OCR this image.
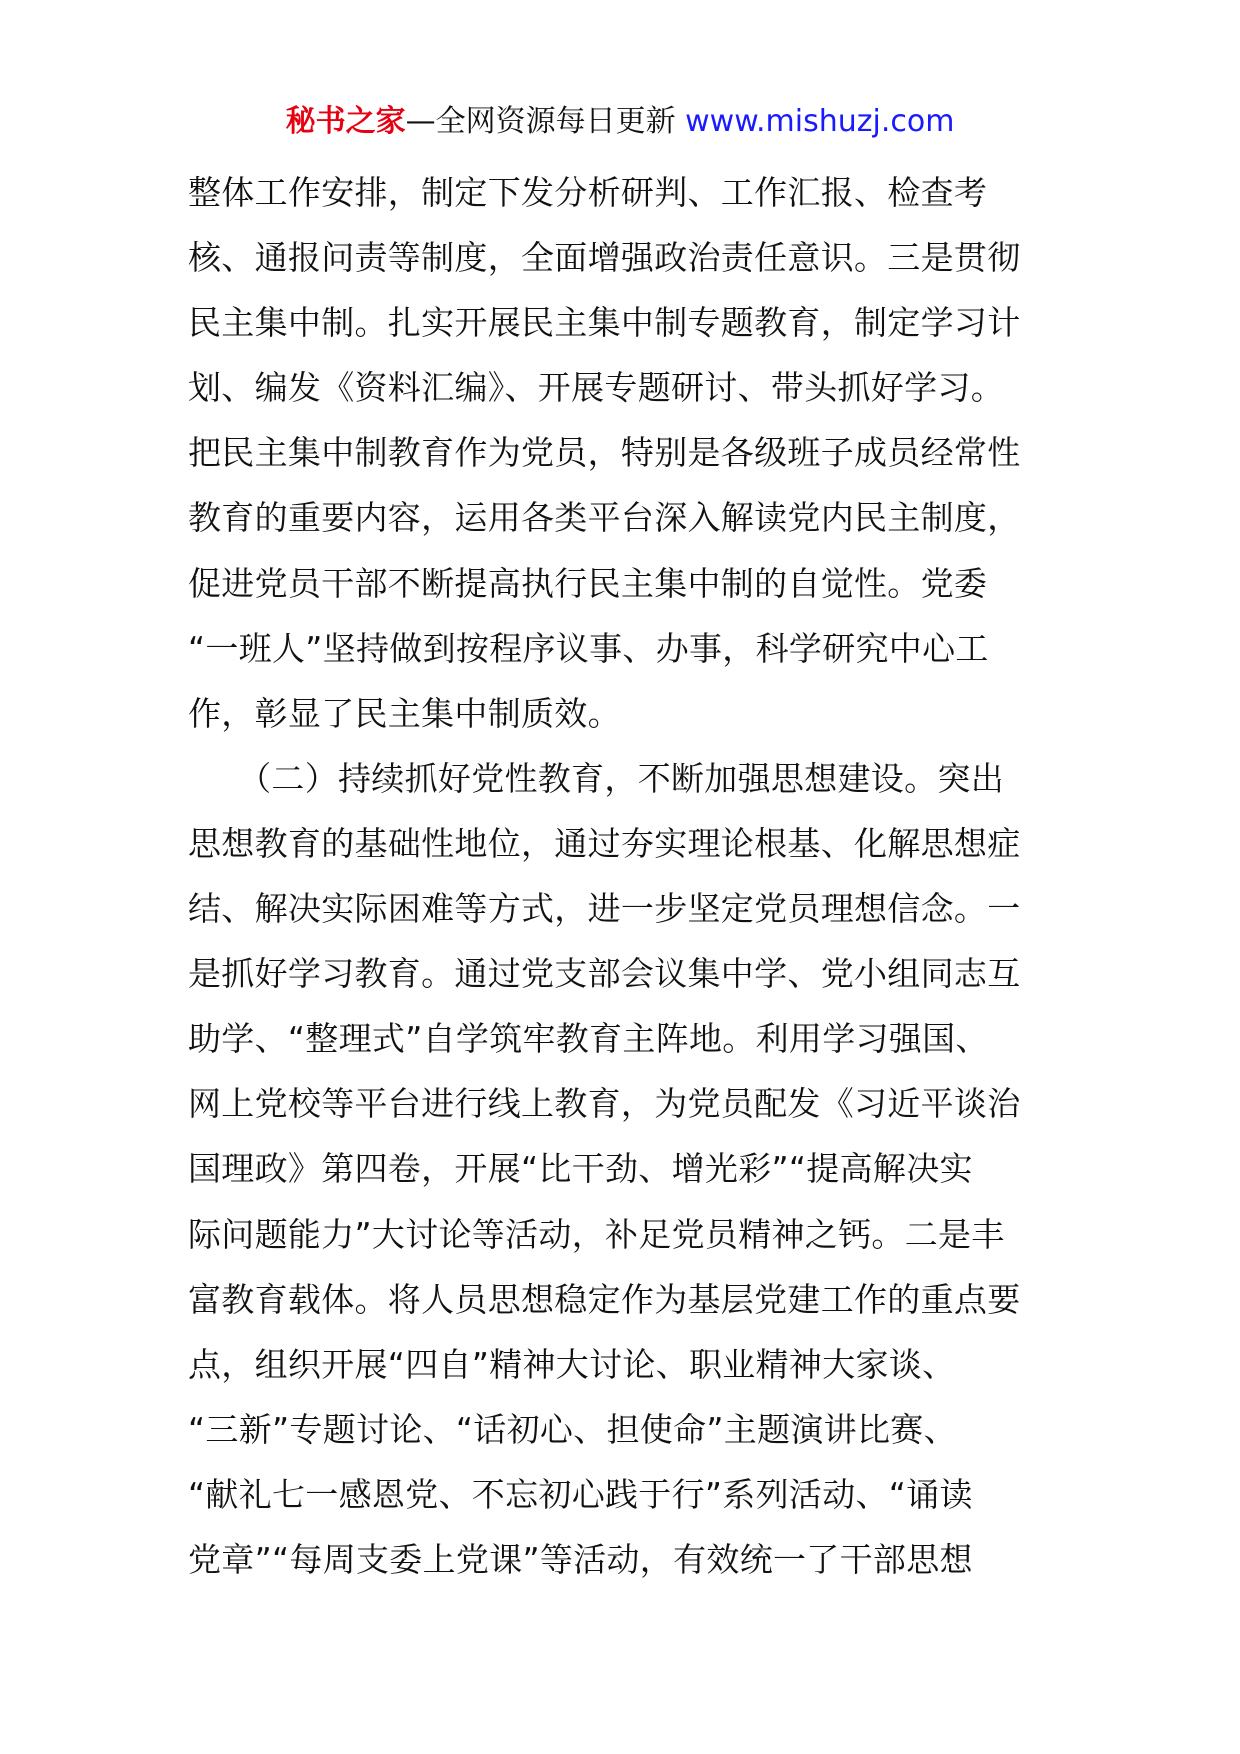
秘书之家—全网资源每日更新 www.mishuzj.com
整体工作安排，制定下发分析研判、工作汇报、检查考
核、通报问责等制度，全面增强政治责任意识。三是贯彻
民主集中制。扎实开展民主集中制专题教育，制定学习计
划、编发《资料汇编》、开展专题研讨、带头抓好学习。
把民主集中制教育作为党员，特别是各级班子成员经常性
教育的重要内容，运用各类平台深入解读党内民主制度，
促进党员干部不断提高执行民主集中制的自觉性。党委
“一班人”坚持做到按程序议事、办事，科学研究中心工
作，彰显了民主集中制质效。
　　（二）持续抓好党性教育，不断加强思想建设。突出
思想教育的基础性地位，通过夯实理论根基、化解思想症
结、解决实际困难等方式，进一步坚定党员理想信念。一
是抓好学习教育。通过党支部会议集中学、党小组同志互
助学、“整理式”自学筑牢教育主阵地。利用学习强国、
网上党校等平台进行线上教育，为党员配发《习近平谈治
国理政》第四卷，开展“比干劲、增光彩”“提高解决实
际问题能力”大讨论等活动，补足党员精神之钙。二是丰
富教育载体。将人员思想稳定作为基层党建工作的重点要
点，组织开展“四自”精神大讨论、职业精神大家谈、
“三新”专题讨论、“话初心、担使命”主题演讲比赛、
“献礼七一感恩党、不忘初心践于行”系列活动、“诵读
党章”“每周支委上党课”等活动，有效统一了干部思想
